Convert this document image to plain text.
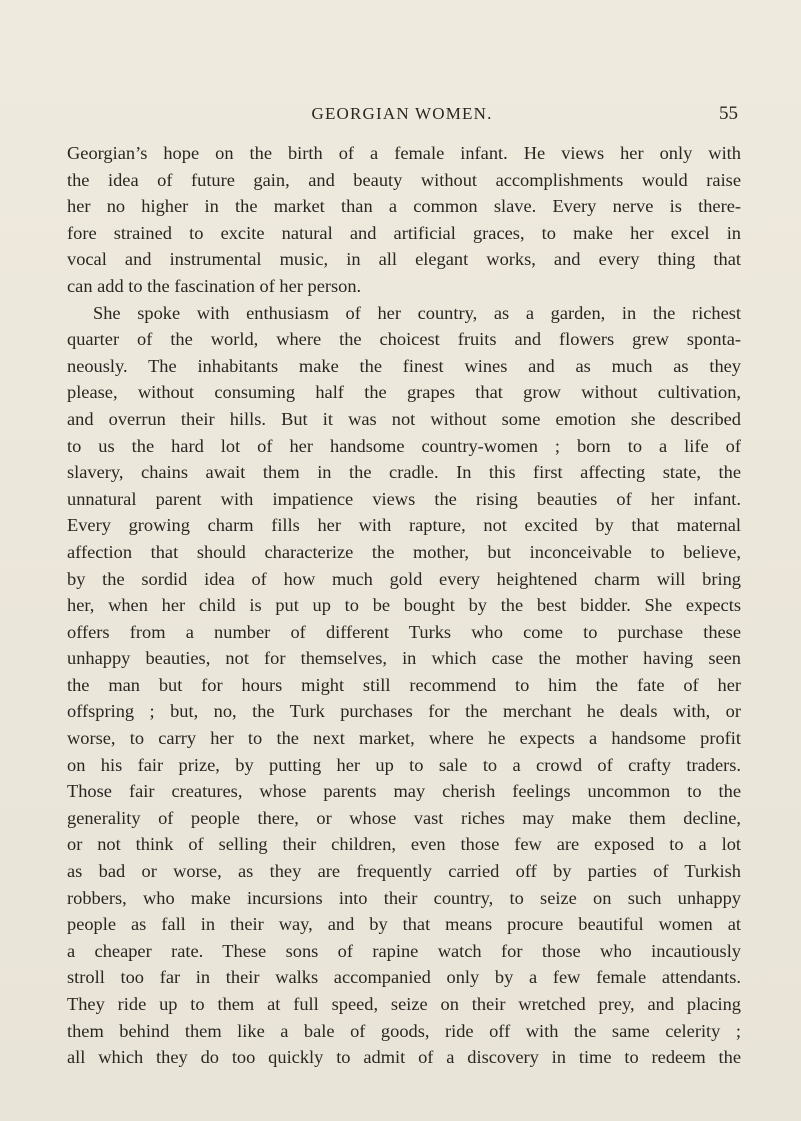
GEORGIAN WOMEN.	55
Georgian’s hope on the birth of a female infant. He views her only with
the idea of future gain, and beauty without accomplishments would raise
her no higher in the market than a common slave. Every nerve is there-
fore strained to excite natural and artificial graces, to make her excel in
vocal and instrumental music, in all elegant works, and every thing that
can add to the fascination of her person.
She spoke with enthusiasm of her country, as a garden, in the richest
quarter of the world, where the choicest fruits and flowers grew sponta-
neously. The inhabitants make the finest wines and as much as they
please, without consuming half the grapes that grow without cultivation,
and overrun their hills. But it was not without some emotion she described
to us the hard lot of her handsome country-women ; born to a life of
slavery, chains await them in the cradle. In this first affecting state, the
unnatural parent with impatience views the rising beauties of her infant.
Every growing charm fills her with rapture, not excited by that maternal
affection that should characterize the mother, but inconceivable to believe,
by the sordid idea of how much gold every heightened charm will bring
her, when her child is put up to be bought by the best bidder. She expects
offers from a number of different Turks who come to purchase these
unhappy beauties, not for themselves, in which case the mother having seen
the man but for hours might still recommend to him the fate of her
offspring ; but, no, the Turk purchases for the merchant he deals with, or
worse, to carry her to the next market, where he expects a handsome profit
on his fair prize, by putting her up to sale to a crowd of crafty traders.
Those fair creatures, whose parents may cherish feelings uncommon to the
generality of people there, or whose vast riches may make them decline,
or not think of selling their children, even those few are exposed to a lot
as bad or worse, as they are frequently carried off by parties of Turkish
robbers, who make incursions into their country, to seize on such unhappy
people as fall in their way, and by that means procure beautiful women at
a cheaper rate. These sons of rapine watch for those who incautiously
stroll too far in their walks accompanied only by a few female attendants.
They ride up to them at full speed, seize on their wretched prey, and placing
them behind them like a bale of goods, ride off with the same celerity ;
all which they do too quickly to admit of a discovery in time to redeem the
